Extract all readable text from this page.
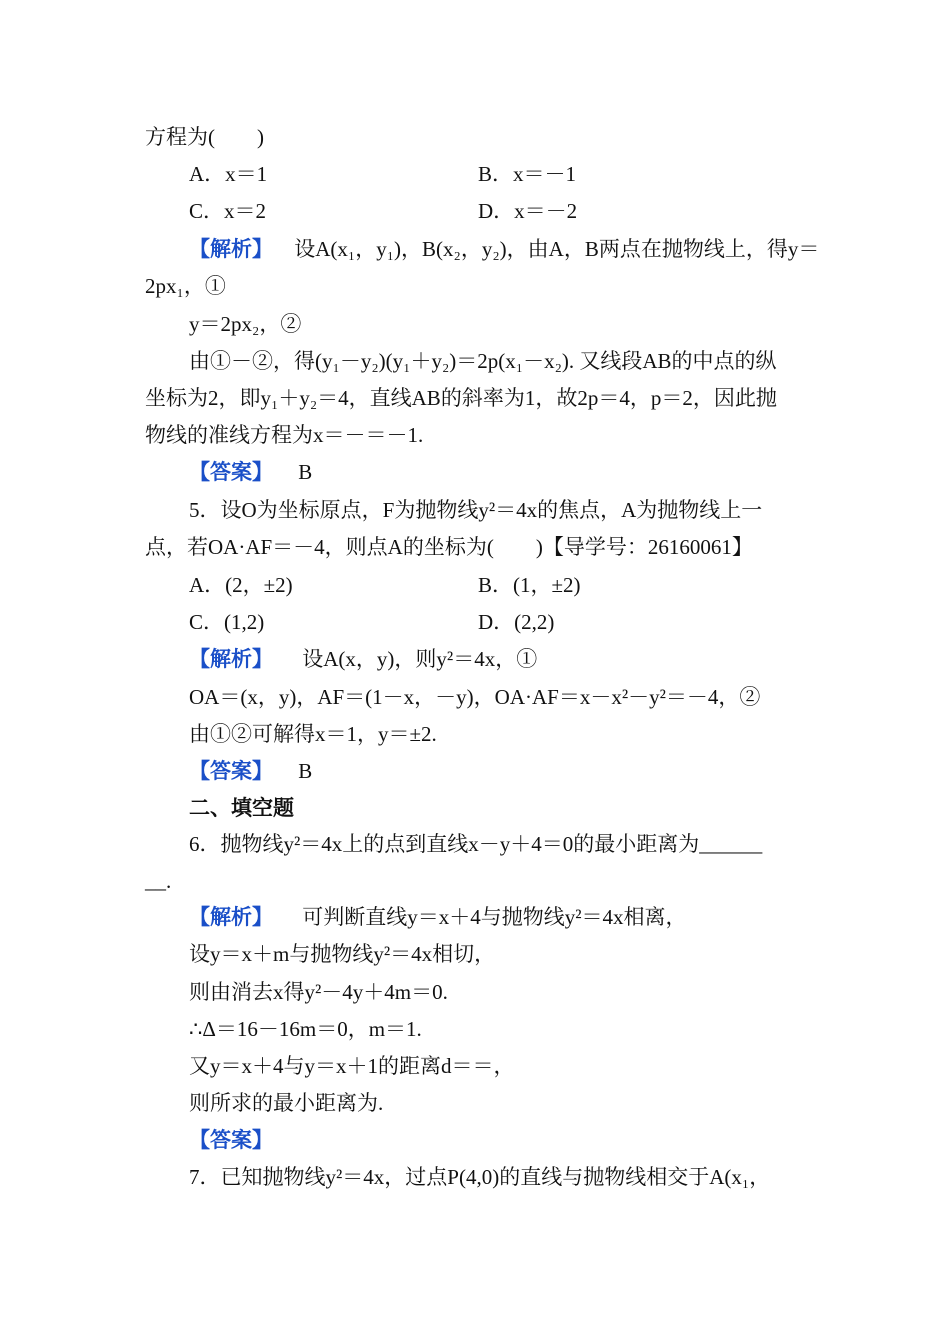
方程为(　　)
A．x＝1	B．x＝－1
C．x＝2	D．x＝－2
【解析】 设A(x₁，y₁)，B(x₂，y₂)，由A，B两点在抛物线上，得y＝
2px₁，①
y＝2px₂，②
由①－②，得(y₁－y₂)(y₁＋y₂)＝2p(x₁－x₂). 又线段AB的中点的纵
坐标为2，即y₁＋y₂＝4，直线AB的斜率为1，故2p＝4，p＝2，因此抛
物线的准线方程为x＝－＝－1.
【答案】 B
5．设O为坐标原点，F为抛物线y²＝4x的焦点，A为抛物线上一
点，若OA·AF＝－4，则点A的坐标为(　　)【导学号：26160061】
A．(2，±2)	B．(1，±2)
C．(1,2)	D．(2,2)
【解析】 设A(x，y)，则y²＝4x，①
OA＝(x，y)，AF＝(1－x，－y)，OA·AF＝x－x²－y²＝－4，②
由①②可解得x＝1，y＝±2.
【答案】 B
二、填空题
6．抛物线y²＝4x上的点到直线x－y＋4＝0的最小距离为______
__.
【解析】 可判断直线y＝x＋4与抛物线y²＝4x相离，
设y＝x＋m与抛物线y²＝4x相切，
则由消去x得y²－4y＋4m＝0.
∴Δ＝16－16m＝0，m＝1.
又y＝x＋4与y＝x＋1的距离d＝＝，
则所求的最小距离为.
【答案】
7．已知抛物线y²＝4x，过点P(4,0)的直线与抛物线相交于A(x₁，
